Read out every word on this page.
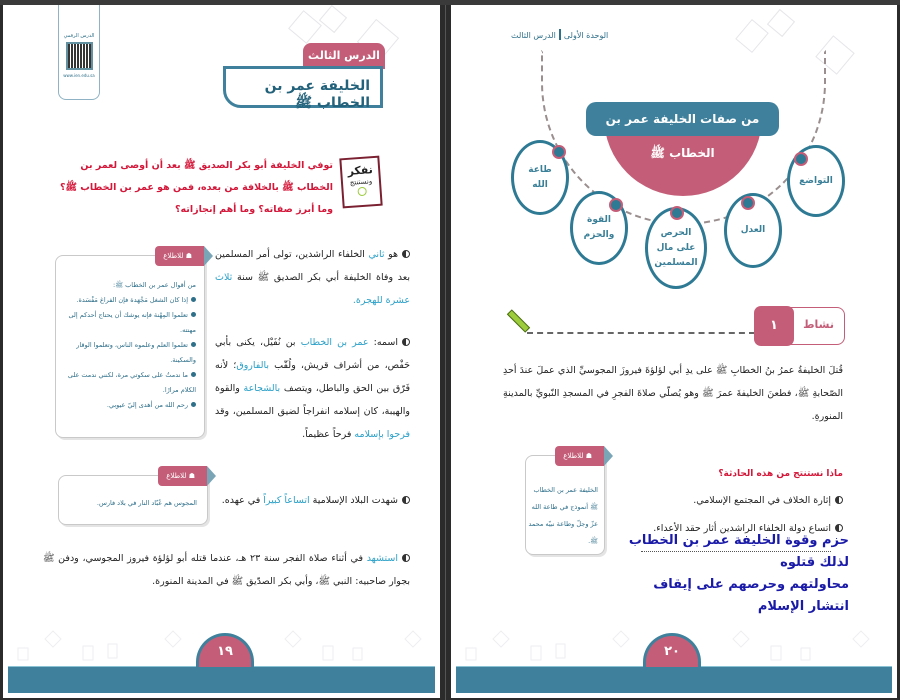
الدرس الرقمي
www.ien.edu.sa
الدرس الثالث
الخليفة عمر بن الخطاب ﷺ
نفكر
ونستنتج
توفي الخليفة أبو بكر الصديق ﷺ بعد أن أوصى لعمر بن الخطاب ﷺ بالخلافة من بعده، فمن هو عمر بن الخطاب ﷺ؟ وما أبرز صفاته؟ وما أهم إنجازاته؟
هو ثاني الخلفاء الراشدين، تولى أمر المسلمين بعد وفاة الخليفة أبي بكر الصديق ﷺ سنة ثلاث عشرة للهجرة.
اسمه: عمر بن الخطاب بن نُفَيْل، يكنى بأبي حَفْص، من أشراف قريش، ولُقّب بالفاروق؛ لأنه فَرّق بين الحق والباطل، ويتصف بالشجاعة والقوة والهيبة، كان إسلامه انفراجاً لضيق المسلمين، وقد فرحوا بإسلامه فرحاً عظيماً.
شهدت البلاد الإسلامية اتساعاً كبيراً في عهده.
استشهد في أثناء صلاة الفجر سنة ٢٣ هـ، عندما قتله أبو لؤلؤة فيروز المجوسي، ودفن ﷺ بجوار صاحبيه: النبي ﷺ، وأبي بكر الصدّيق ﷺ في المدينة المنورة.
☗ للاطلاع
من أقوال عمر بن الخطاب ﷺ:
إذا كان الشغل مَجْهَدة فإن الفراغ مَفْسَدة.
تعلموا المِهْنة فإنه يوشك أن يحتاج أحدكم إلى مهنته.
تعلموا العلم وعلموه الناس، وتعلموا الوقار والسكينة.
ما ندمتُ على سكوتي مرة، لكنني ندمت على الكلام مرارًا.
رحم الله من أهدى إليّ عيوبي.
☗ للاطلاع
المجوس هم عُبّاد النار في بلاد فارس.
١٩
الوحدة الأولىالدرس الثالث
من صفات الخليفة عمر بن الخطاب ﷺ
التواضع
العدل
الحرص على مال المسلمين
القوة والحزم
طاعة الله
نشاط
١
قُتلَ الخليفةُ عمرُ بنُ الخطابِ ﷺ على يدِ أبي لؤلؤةَ فيروزَ المجوسيِّ الذي عملَ عندَ أحدِ الصّحابةِ ﷺ، فطعنَ الخليفةَ عمرَ ﷺ وهو يُصلّي صلاةَ الفجرِ في المسجدِ النّبويِّ بالمدينةِ المنورةِ.
☗ للاطلاع
الخليفة عمر بن الخطاب ﷺ أنموذج في طاعة الله عزّ وجلّ وطاعة نبيّه محمد ﷺ.
ماذا نستنتج من هذه الحادثة؟
إثارة الخلاف في المجتمع الإسلامي.
اتساع دولة الخلفاء الراشدين أثار حقد الأعداء.
حزم وقوة الخليفة عمر بن الخطاب لذلك قتلوه
محاولتهم وحرصهم على إيقاف انتشار الإسلام
٢٠
